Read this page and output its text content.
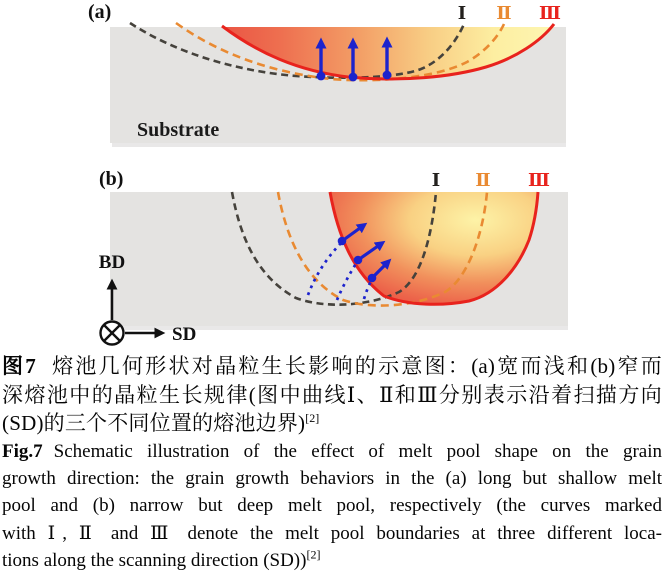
(a)
Substrate
Ⅰ Ⅱ Ⅲ
(b)	Ⅰ Ⅱ Ⅲ
BD
SD
图7 熔池几何形状对晶粒生长影响的示意图：(a)宽而浅和(b)窄而
深熔池中的晶粒生长规律(图中曲线Ⅰ、Ⅱ和Ⅲ分别表示沿着扫描方向
(SD)的三个不同位置的熔池边界)[2]
Fig.7 Schematic illustration of the effect of melt pool shape on the grain
growth direction: the grain growth behaviors in the (a) long but shallow melt
pool and (b) narrow but deep melt pool, respectively (the curves marked
with Ⅰ, Ⅱ and Ⅲ denote the melt pool boundaries at three different loca-
tions along the scanning direction (SD))[2]
